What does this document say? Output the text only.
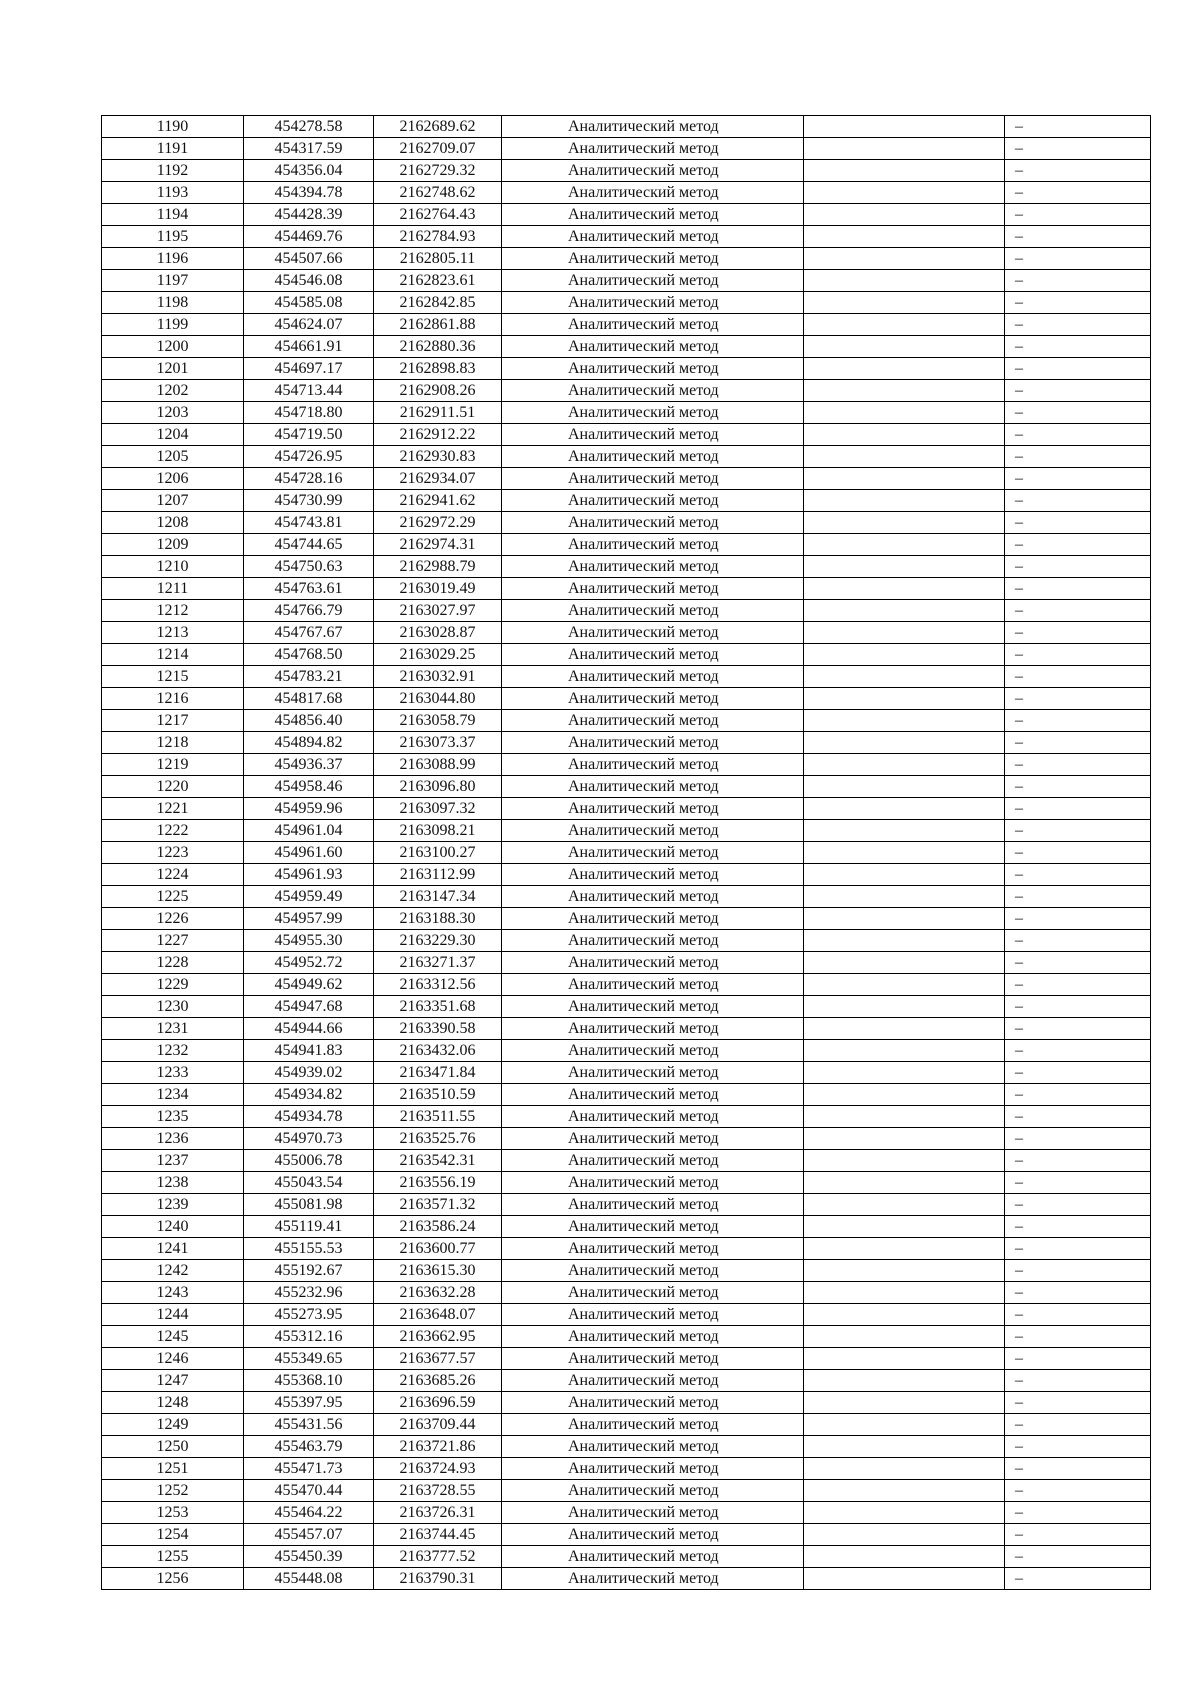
1190	454278.58	2162689.62	Аналитический метод		–
1191	454317.59	2162709.07	Аналитический метод		–
1192	454356.04	2162729.32	Аналитический метод		–
1193	454394.78	2162748.62	Аналитический метод		–
1194	454428.39	2162764.43	Аналитический метод		–
1195	454469.76	2162784.93	Аналитический метод		–
1196	454507.66	2162805.11	Аналитический метод		–
1197	454546.08	2162823.61	Аналитический метод		–
1198	454585.08	2162842.85	Аналитический метод		–
1199	454624.07	2162861.88	Аналитический метод		–
1200	454661.91	2162880.36	Аналитический метод		–
1201	454697.17	2162898.83	Аналитический метод		–
1202	454713.44	2162908.26	Аналитический метод		–
1203	454718.80	2162911.51	Аналитический метод		–
1204	454719.50	2162912.22	Аналитический метод		–
1205	454726.95	2162930.83	Аналитический метод		–
1206	454728.16	2162934.07	Аналитический метод		–
1207	454730.99	2162941.62	Аналитический метод		–
1208	454743.81	2162972.29	Аналитический метод		–
1209	454744.65	2162974.31	Аналитический метод		–
1210	454750.63	2162988.79	Аналитический метод		–
1211	454763.61	2163019.49	Аналитический метод		–
1212	454766.79	2163027.97	Аналитический метод		–
1213	454767.67	2163028.87	Аналитический метод		–
1214	454768.50	2163029.25	Аналитический метод		–
1215	454783.21	2163032.91	Аналитический метод		–
1216	454817.68	2163044.80	Аналитический метод		–
1217	454856.40	2163058.79	Аналитический метод		–
1218	454894.82	2163073.37	Аналитический метод		–
1219	454936.37	2163088.99	Аналитический метод		–
1220	454958.46	2163096.80	Аналитический метод		–
1221	454959.96	2163097.32	Аналитический метод		–
1222	454961.04	2163098.21	Аналитический метод		–
1223	454961.60	2163100.27	Аналитический метод		–
1224	454961.93	2163112.99	Аналитический метод		–
1225	454959.49	2163147.34	Аналитический метод		–
1226	454957.99	2163188.30	Аналитический метод		–
1227	454955.30	2163229.30	Аналитический метод		–
1228	454952.72	2163271.37	Аналитический метод		–
1229	454949.62	2163312.56	Аналитический метод		–
1230	454947.68	2163351.68	Аналитический метод		–
1231	454944.66	2163390.58	Аналитический метод		–
1232	454941.83	2163432.06	Аналитический метод		–
1233	454939.02	2163471.84	Аналитический метод		–
1234	454934.82	2163510.59	Аналитический метод		–
1235	454934.78	2163511.55	Аналитический метод		–
1236	454970.73	2163525.76	Аналитический метод		–
1237	455006.78	2163542.31	Аналитический метод		–
1238	455043.54	2163556.19	Аналитический метод		–
1239	455081.98	2163571.32	Аналитический метод		–
1240	455119.41	2163586.24	Аналитический метод		–
1241	455155.53	2163600.77	Аналитический метод		–
1242	455192.67	2163615.30	Аналитический метод		–
1243	455232.96	2163632.28	Аналитический метод		–
1244	455273.95	2163648.07	Аналитический метод		–
1245	455312.16	2163662.95	Аналитический метод		–
1246	455349.65	2163677.57	Аналитический метод		–
1247	455368.10	2163685.26	Аналитический метод		–
1248	455397.95	2163696.59	Аналитический метод		–
1249	455431.56	2163709.44	Аналитический метод		–
1250	455463.79	2163721.86	Аналитический метод		–
1251	455471.73	2163724.93	Аналитический метод		–
1252	455470.44	2163728.55	Аналитический метод		–
1253	455464.22	2163726.31	Аналитический метод		–
1254	455457.07	2163744.45	Аналитический метод		–
1255	455450.39	2163777.52	Аналитический метод		–
1256	455448.08	2163790.31	Аналитический метод		–
